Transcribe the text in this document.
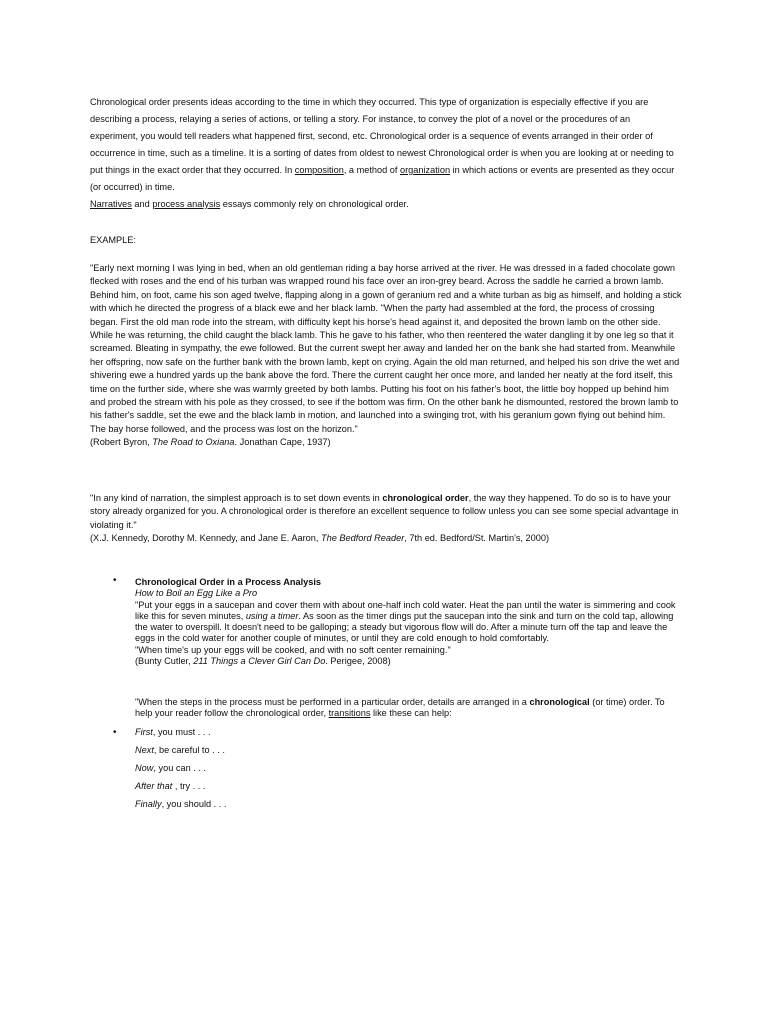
Chronological order presents ideas according to the time in which they occurred. This type of organization is especially effective if you are describing a process, relaying a series of actions, or telling a story. For instance, to convey the plot of a novel or the procedures of an experiment, you would tell readers what happened first, second, etc. Chronological order is a sequence of events arranged in their order of occurrence in time, such as a timeline. It is a sorting of dates from oldest to newest Chronological order is when you are looking at or needing to put things in the exact order that they occurred. In composition, a method of organization in which actions or events are presented as they occur (or occurred) in time.

Narratives and process analysis essays commonly rely on chronological order.

EXAMPLE:

"Early next morning I was lying in bed, when an old gentleman riding a bay horse arrived at the river. He was dressed in a faded chocolate gown flecked with roses and the end of his turban was wrapped round his face over an iron-grey beard. Across the saddle he carried a brown lamb. Behind him, on foot, came his son aged twelve, flapping along in a gown of geranium red and a white turban as big as himself, and holding a stick with which he directed the progress of a black ewe and her black lamb. "When the party had assembled at the ford, the process of crossing began. First the old man rode into the stream, with difficulty kept his horse's head against it, and deposited the brown lamb on the other side. While he was returning, the child caught the black lamb. This he gave to his father, who then reentered the water dangling it by one leg so that it screamed. Bleating in sympathy, the ewe followed. But the current swept her away and landed her on the bank she had started from. Meanwhile her offspring, now safe on the further bank with the brown lamb, kept on crying. Again the old man returned, and helped his son drive the wet and shivering ewe a hundred yards up the bank above the ford. There the current caught her once more, and landed her neatly at the ford itself, this time on the further side, where she was warmly greeted by both lambs. Putting his foot on his father's boot, the little boy hopped up behind him and probed the stream with his pole as they crossed, to see if the bottom was firm. On the other bank he dismounted, restored the brown lamb to his father's saddle, set the ewe and the black lamb in motion, and launched into a swinging trot, with his geranium gown flying out behind him. The bay horse followed, and the process was lost on the horizon."

(Robert Byron, The Road to Oxiana. Jonathan Cape, 1937)

"In any kind of narration, the simplest approach is to set down events in chronological order, the way they happened. To do so is to have your story already organized for you. A chronological order is therefore an excellent sequence to follow unless you can see some special advantage in violating it."

(X.J. Kennedy, Dorothy M. Kennedy, and Jane E. Aaron, The Bedford Reader, 7th ed. Bedford/St. Martin's, 2000)

• Chronological Order in a Process Analysis

How to Boil an Egg Like a Pro

"Put your eggs in a saucepan and cover them with about one-half inch cold water. Heat the pan until the water is simmering and cook like this for seven minutes, using a timer. As soon as the timer dings put the saucepan into the sink and turn on the cold tap, allowing the water to overspill. It doesn't need to be galloping; a steady but vigorous flow will do. After a minute turn off the tap and leave the eggs in the cold water for another couple of minutes, or until they are cold enough to hold comfortably.

"When time's up your eggs will be cooked, and with no soft center remaining."

(Bunty Cutler, 211 Things a Clever Girl Can Do. Perigee, 2008)

"When the steps in the process must be performed in a particular order, details are arranged in a chronological (or time) order. To help your reader follow the chronological order, transitions like these can help:

• First, you must . . .
Next, be careful to . . .
Now, you can . . .
After that , try . . .
Finally, you should . . .
